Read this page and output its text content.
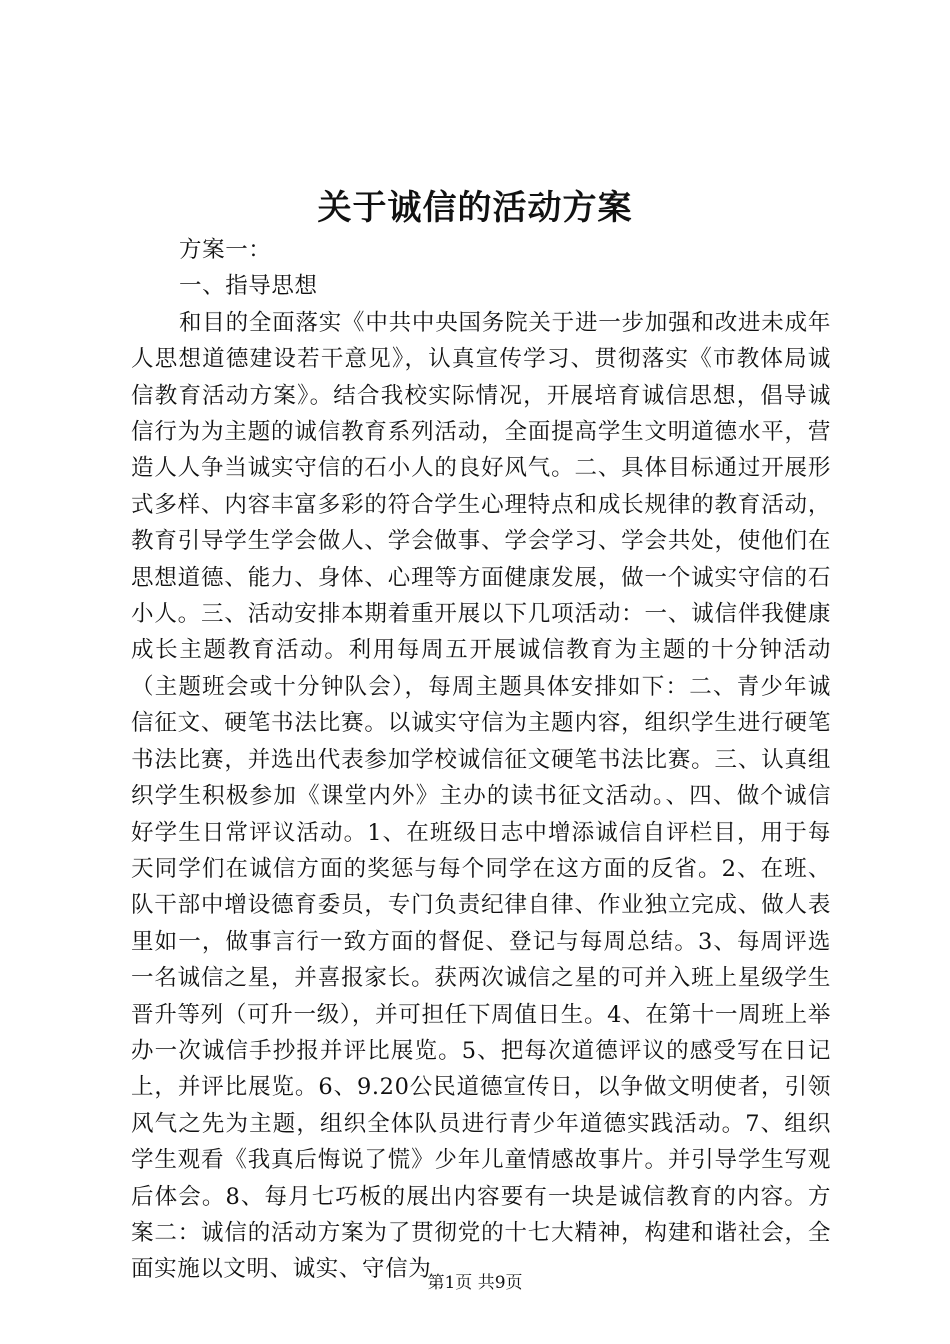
关于诚信的活动方案

方案一：

一、指导思想

和目的全面落实《中共中央国务院关于进一步加强和改进未成年人思想道德建设若干意见》，认真宣传学习、贯彻落实《市教体局诚信教育活动方案》。结合我校实际情况，开展培育诚信思想，倡导诚信行为为主题的诚信教育系列活动，全面提高学生文明道德水平，营造人人争当诚实守信的石小人的良好风气。二、具体目标通过开展形式多样、内容丰富多彩的符合学生心理特点和成长规律的教育活动，教育引导学生学会做人、学会做事、学会学习、学会共处，使他们在思想道德、能力、身体、心理等方面健康发展，做一个诚实守信的石小人。三、活动安排本期着重开展以下几项活动：一、诚信伴我健康成长主题教育活动。利用每周五开展诚信教育为主题的十分钟活动（主题班会或十分钟队会），每周主题具体安排如下：二、青少年诚信征文、硬笔书法比赛。以诚实守信为主题内容，组织学生进行硬笔书法比赛，并选出代表参加学校诚信征文硬笔书法比赛。三、认真组织学生积极参加《课堂内外》主办的读书征文活动。、四、做个诚信好学生日常评议活动。1、在班级日志中增添诚信自评栏目，用于每天同学们在诚信方面的奖惩与每个同学在这方面的反省。2、在班、队干部中增设德育委员，专门负责纪律自律、作业独立完成、做人表里如一，做事言行一致方面的督促、登记与每周总结。3、每周评选一名诚信之星，并喜报家长。获两次诚信之星的可并入班上星级学生晋升等列（可升一级），并可担任下周值日生。4、在第十一周班上举办一次诚信手抄报并评比展览。5、把每次道德评议的感受写在日记上，并评比展览。6、9.20公民道德宣传日，以争做文明使者，引领风气之先为主题，组织全体队员进行青少年道德实践活动。7、组织学生观看《我真后悔说了慌》少年儿童情感故事片。并引导学生写观后体会。8、每月七巧板的展出内容要有一块是诚信教育的内容。方案二：诚信的活动方案为了贯彻党的十七大精神，构建和谐社会，全面实施以文明、诚实、守信为

第1页 共9页
